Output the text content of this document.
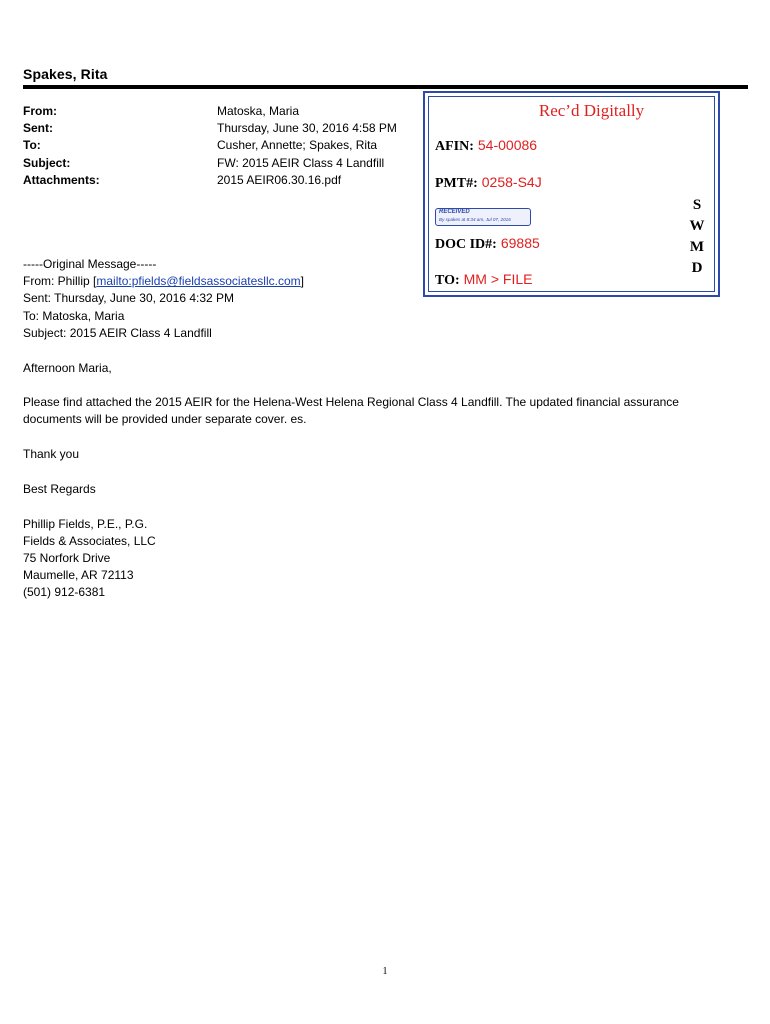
Spakes, Rita
From:	Matoska, Maria
Sent:	Thursday, June 30, 2016 4:58 PM
To:	Cusher, Annette; Spakes, Rita
Subject:	FW: 2015 AEIR Class 4 Landfill
Attachments:	2015 AEIR06.30.16.pdf
Rec’d Digitally
AFIN: 54-00086
PMT#: 0258-S4J
RECEIVED
By spakes at 8:34 am, Jul 07, 2016
DOC ID#: 69885
TO: MM > FILE
S
W
M
D

-----Original Message-----

From: Phillip [mailto:pfields@fieldsassociatesllc.com]

Sent: Thursday, June 30, 2016 4:32 PM

To: Matoska, Maria

Subject: 2015 AEIR Class 4 Landfill

Afternoon Maria,

Please find attached the 2015 AEIR for the Helena-West Helena Regional Class 4 Landfill. The updated financial assurance

documents will be provided under separate cover. es.

Thank you

Best Regards

Phillip Fields, P.E., P.G.

Fields & Associates, LLC

75 Norfork Drive

Maumelle, AR 72113

(501) 912-6381

1
